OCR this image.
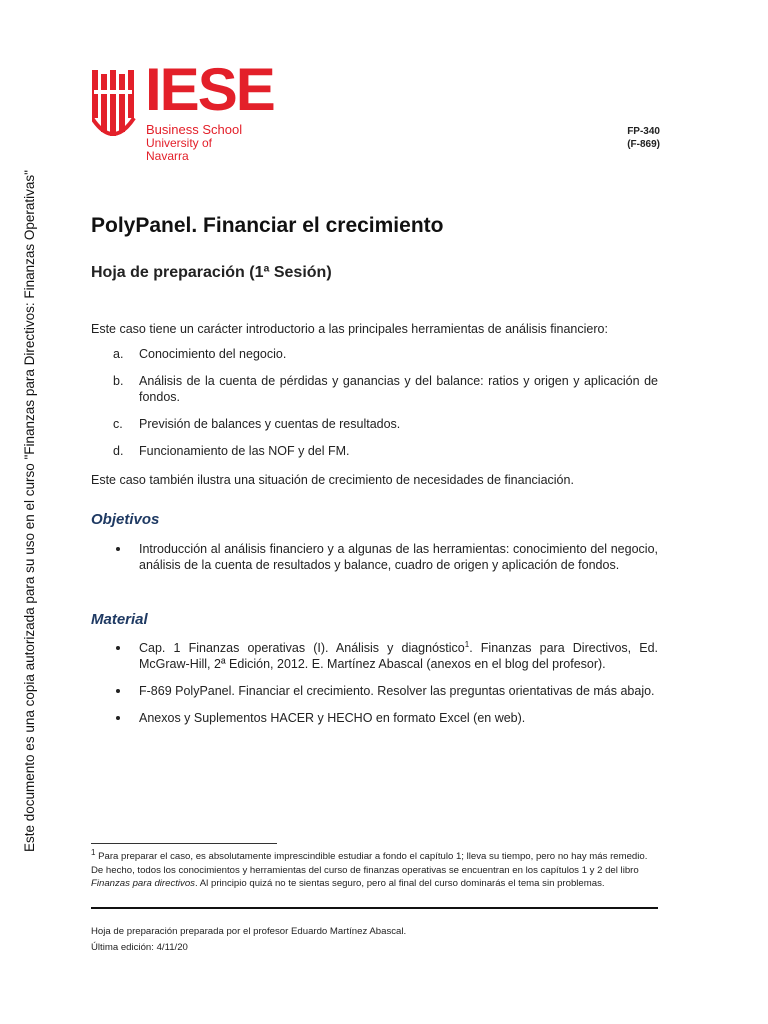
IESE
Business School
University of Navarra
FP-340
(F-869)
Este documento es una copia autorizada para su uso en el curso "Finanzas para Directivos: Finanzas Operativas"	PolyPanel. Financiar el crecimiento
Hoja de preparación (1ª Sesión)

Este caso tiene un carácter introductorio a las principales herramientas de análisis financiero:

a. Conocimiento del negocio.
b. Análisis de la cuenta de pérdidas y ganancias y del balance: ratios y origen y aplicación de fondos.
c. Previsión de balances y cuentas de resultados.
d. Funcionamiento de las NOF y del FM.

Este caso también ilustra una situación de crecimiento de necesidades de financiación.

Objetivos
Introducción al análisis financiero y a algunas de las herramientas: conocimiento del negocio, análisis de la cuenta de resultados y balance, cuadro de origen y aplicación de fondos.
Material
Cap. 1 Finanzas operativas (I). Análisis y diagnóstico$^1$. Finanzas para Directivos, Ed. McGraw-Hill, 2ª Edición, 2012. E. Martínez Abascal (anexos en el blog del profesor).
F-869 PolyPanel. Financiar el crecimiento. Resolver las preguntas orientativas de más abajo.
Anexos y Suplementos HACER y HECHO en formato Excel (en web).
$^1$ Para preparar el caso, es absolutamente imprescindible estudiar a fondo el capítulo 1; lleva su tiempo, pero no hay más remedio. De hecho, todos los conocimientos y herramientas del curso de finanzas operativas se encuentran en los capítulos 1 y 2 del libro Finanzas para directivos. Al principio quizá no te sientas seguro, pero al final del curso dominarás el tema sin problemas.
Hoja de preparación preparada por el profesor Eduardo Martínez Abascal.
Última edición: 4/11/20
